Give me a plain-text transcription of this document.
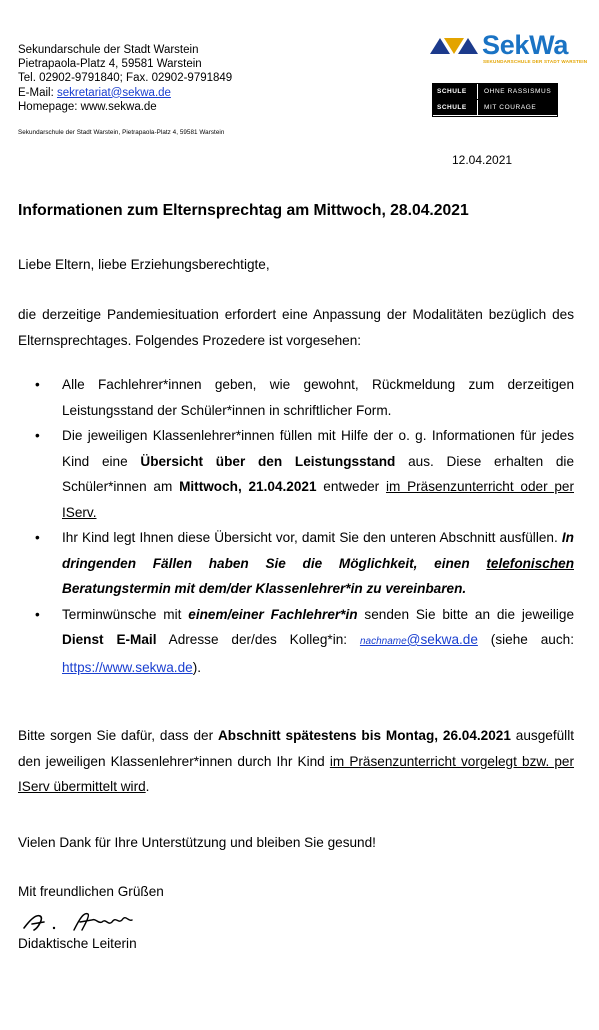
Sekundarschule der Stadt Warstein
Pietrapaola-Platz 4, 59581 Warstein
Tel. 02902-9791840; Fax. 02902-9791849
E-Mail: sekretariat@sekwa.de
Homepage: www.sekwa.de
Sekundarschule der Stadt Warstein, Pietrapaola-Platz 4, 59581 Warstein
SekWa
SEKUNDARSCHULE DER STADT WARSTEIN
SCHULE	OHNE RASSISMUS
SCHULE	MIT COURAGE
12.04.2021
Informationen zum Elternsprechtag am Mittwoch, 28.04.2021
Liebe Eltern, liebe Erziehungsberechtigte,
die derzeitige Pandemiesituation erfordert eine Anpassung der Modalitäten bezüglich des Elternsprechtages. Folgendes Prozedere ist vorgesehen:
• Alle Fachlehrer*innen geben, wie gewohnt, Rückmeldung zum derzeitigen Leistungsstand der Schüler*innen in schriftlicher Form.
• Die jeweiligen Klassenlehrer*innen füllen mit Hilfe der o. g. Informationen für jedes Kind eine Übersicht über den Leistungsstand aus. Diese erhalten die Schüler*innen am Mittwoch, 21.04.2021 entweder im Präsenzunterricht oder per IServ.
• Ihr Kind legt Ihnen diese Übersicht vor, damit Sie den unteren Abschnitt ausfüllen. In dringenden Fällen haben Sie die Möglichkeit, einen telefonischen Beratungstermin mit dem/der Klassenlehrer*in zu vereinbaren.
• Terminwünsche mit einem/einer Fachlehrer*in senden Sie bitte an die jeweilige Dienst E-Mail Adresse der/des Kolleg*in: nachname@sekwa.de (siehe auch: https://www.sekwa.de).
Bitte sorgen Sie dafür, dass der Abschnitt spätestens bis Montag, 26.04.2021 ausgefüllt den jeweiligen Klassenlehrer*innen durch Ihr Kind im Präsenzunterricht vorgelegt bzw. per IServ übermittelt wird.
Vielen Dank für Ihre Unterstützung und bleiben Sie gesund!
Mit freundlichen Grüßen
Didaktische Leiterin
